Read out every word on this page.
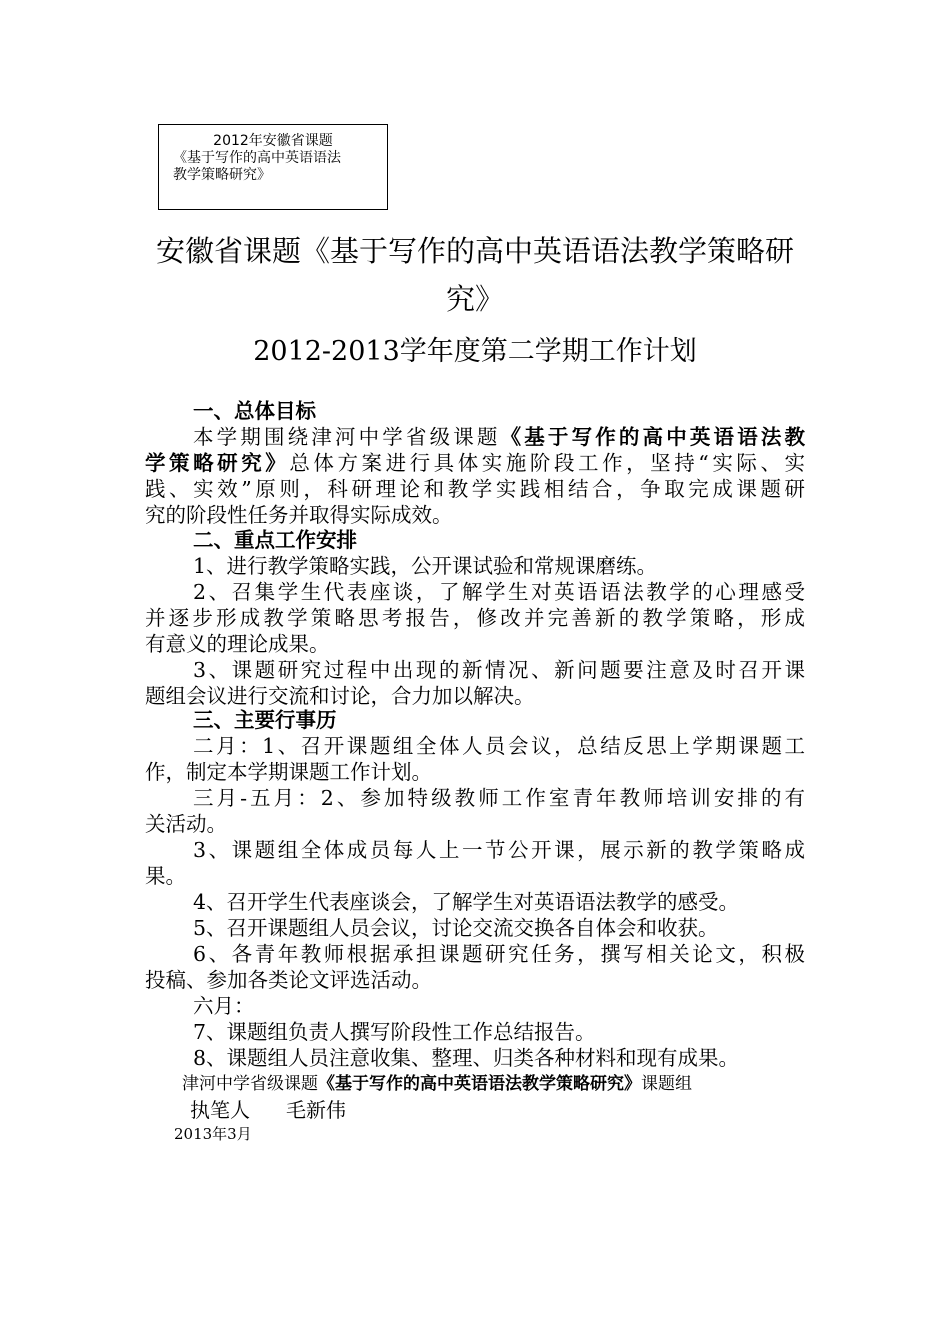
2012年安徽省课题
《基于写作的高中英语语法
教学策略研究》
安徽省课题《基于写作的高中英语语法教学策略研
究》
2012-2013学年度第二学期工作计划
一、总体目标
本学期围绕津河中学省级课题《基于写作的高中英语语法教
学策略研究》总体方案进行具体实施阶段工作，坚持“实际、实
践、实效”原则，科研理论和教学实践相结合，争取完成课题研
究的阶段性任务并取得实际成效。
二、重点工作安排
1、进行教学策略实践，公开课试验和常规课磨练。
2、召集学生代表座谈，了解学生对英语语法教学的心理感受
并逐步形成教学策略思考报告，修改并完善新的教学策略，形成
有意义的理论成果。
3、课题研究过程中出现的新情况、新问题要注意及时召开课
题组会议进行交流和讨论，合力加以解决。
三、主要行事历
二月：1、召开课题组全体人员会议，总结反思上学期课题工
作，制定本学期课题工作计划。
三月-五月：2、参加特级教师工作室青年教师培训安排的有
关活动。
3、课题组全体成员每人上一节公开课，展示新的教学策略成
果。
4、召开学生代表座谈会，了解学生对英语语法教学的感受。
5、召开课题组人员会议，讨论交流交换各自体会和收获。
6、各青年教师根据承担课题研究任务，撰写相关论文，积极
投稿、参加各类论文评选活动。
六月：
7、课题组负责人撰写阶段性工作总结报告。
8、课题组人员注意收集、整理、归类各种材料和现有成果。
津河中学省级课题《基于写作的高中英语语法教学策略研究》课题组
执笔人 毛新伟
2013年3月
